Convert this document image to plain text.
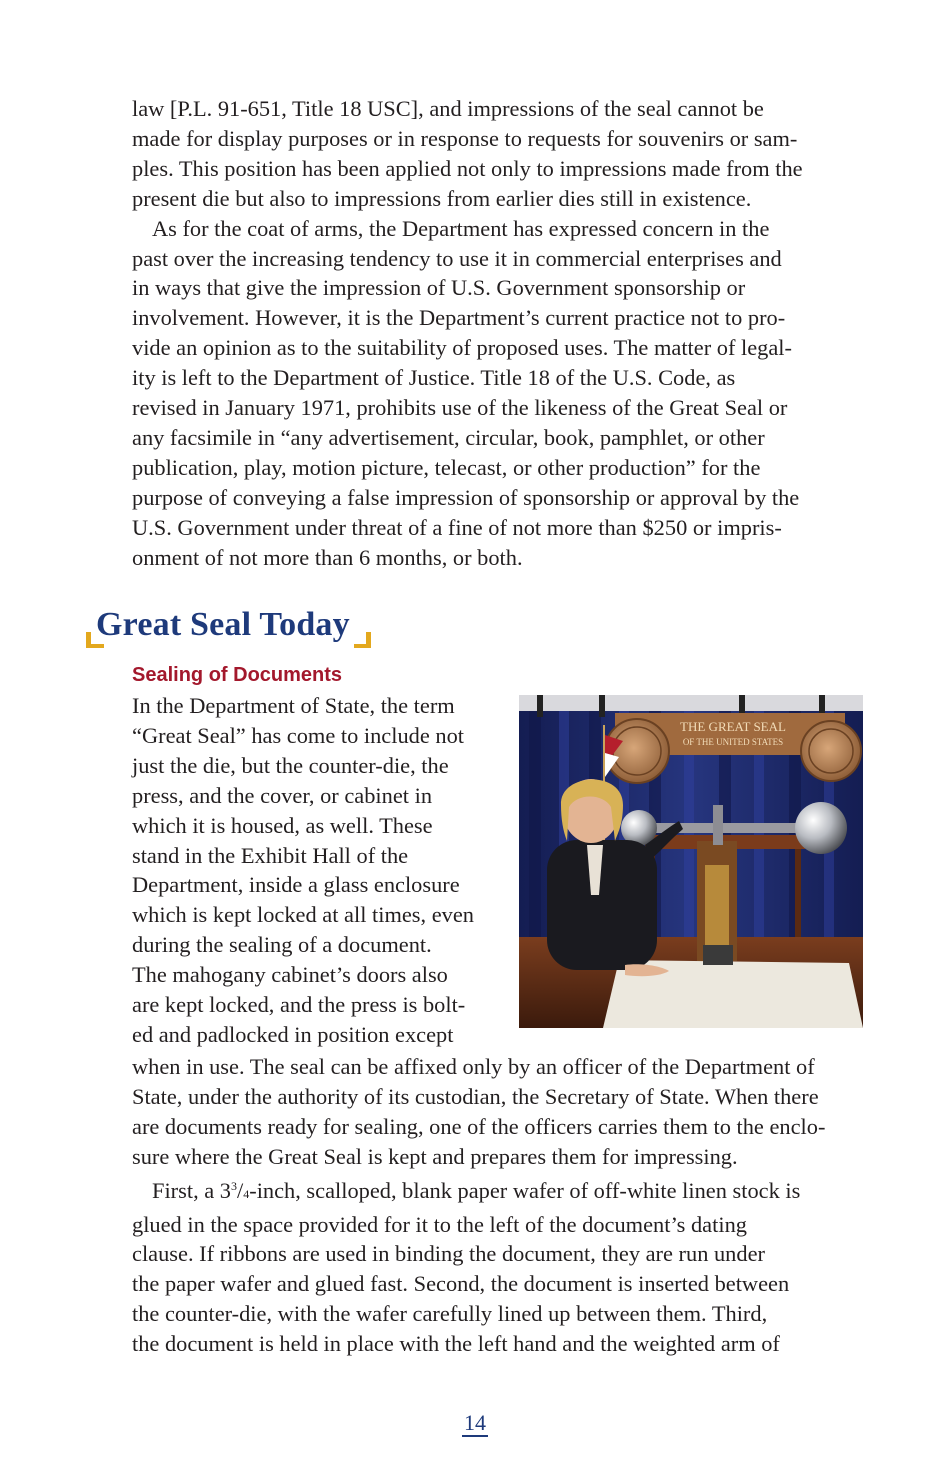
law [P.L. 91-651, Title 18 USC], and impressions of the seal cannot be
made for display purposes or in response to requests for souvenirs or sam-
ples. This position has been applied not only to impressions made from the
present die but also to impressions from earlier dies still in existence.
As for the coat of arms, the Department has expressed concern in the
past over the increasing tendency to use it in commercial enterprises and
in ways that give the impression of U.S. Government sponsorship or
involvement. However, it is the Department’s current practice not to pro-
vide an opinion as to the suitability of proposed uses. The matter of legal-
ity is left to the Department of Justice. Title 18 of the U.S. Code, as
revised in January 1971, prohibits use of the likeness of the Great Seal or
any facsimile in “any advertisement, circular, book, pamphlet, or other
publication, play, motion picture, telecast, or other production” for the
purpose of conveying a false impression of sponsorship or approval by the
U.S. Government under threat of a fine of not more than $250 or impris-
onment of not more than 6 months, or both.

Great Seal Today
Sealing of Documents

In the Department of State, the term
“Great Seal” has come to include not
just the die, but the counter-die, the
press, and the cover, or cabinet in
which it is housed, as well. These
stand in the Exhibit Hall of the
Department, inside a glass enclosure
which is kept locked at all times, even
during the sealing of a document.
The mahogany cabinet’s doors also
are kept locked, and the press is bolt-
ed and padlocked in position except

THE GREAT SEAL
OF THE UNITED STATES

when in use. The seal can be affixed only by an officer of the Department of
State, under the authority of its custodian, the Secretary of State. When there
are documents ready for sealing, one of the officers carries them to the enclo-
sure where the Great Seal is kept and prepares them for impressing.
First, a $3^3/4$-inch, scalloped, blank paper wafer of off-white linen stock is
glued in the space provided for it to the left of the document’s dating
clause. If ribbons are used in binding the document, they are run under
the paper wafer and glued fast. Second, the document is inserted between
the counter-die, with the wafer carefully lined up between them. Third,
the document is held in place with the left hand and the weighted arm of

14
